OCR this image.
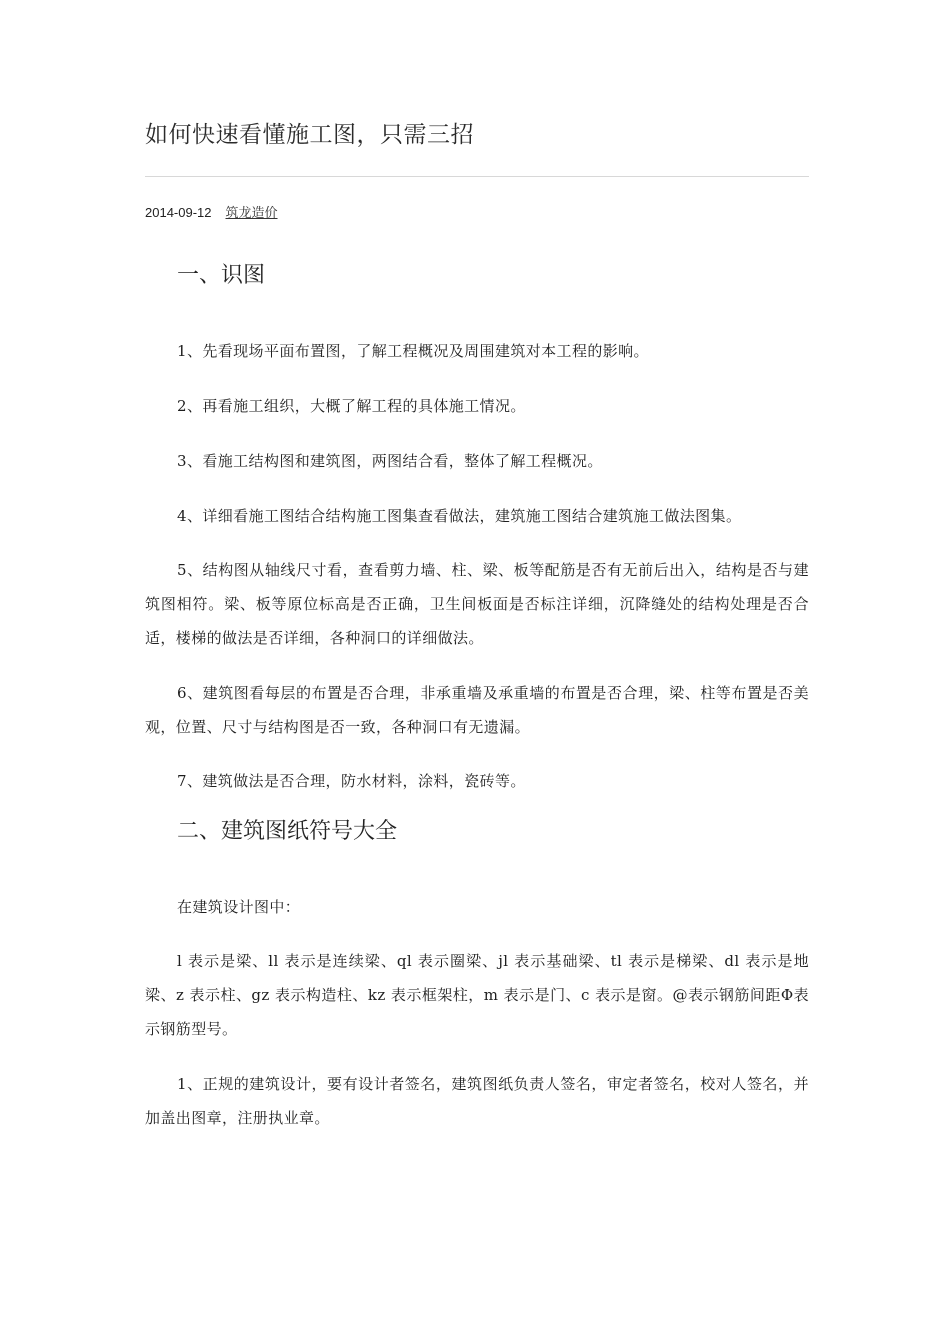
如何快速看懂施工图，只需三招
2014-09-12 筑龙造价
一、识图
1、先看现场平面布置图，了解工程概况及周围建筑对本工程的影响。
2、再看施工组织，大概了解工程的具体施工情况。
3、看施工结构图和建筑图，两图结合看，整体了解工程概况。
4、详细看施工图结合结构施工图集查看做法，建筑施工图结合建筑施工做法图集。
5、结构图从轴线尺寸看，查看剪力墙、柱、梁、板等配筋是否有无前后出入，结构是否与建筑图相符。梁、板等原位标高是否正确，卫生间板面是否标注详细，沉降缝处的结构处理是否合适，楼梯的做法是否详细，各种洞口的详细做法。
6、建筑图看每层的布置是否合理，非承重墙及承重墙的布置是否合理，梁、柱等布置是否美观，位置、尺寸与结构图是否一致，各种洞口有无遗漏。
7、建筑做法是否合理，防水材料，涂料，瓷砖等。
二、建筑图纸符号大全
在建筑设计图中：
l 表示是梁、ll 表示是连续梁、ql 表示圈梁、jl 表示基础梁、tl 表示是梯梁、dl 表示是地梁、z 表示柱、gz 表示构造柱、kz 表示框架柱，m 表示是门、c 表示是窗。@表示钢筋间距Φ表示钢筋型号。
1、正规的建筑设计，要有设计者签名，建筑图纸负责人签名，审定者签名，校对人签名，并加盖出图章，注册执业章。
